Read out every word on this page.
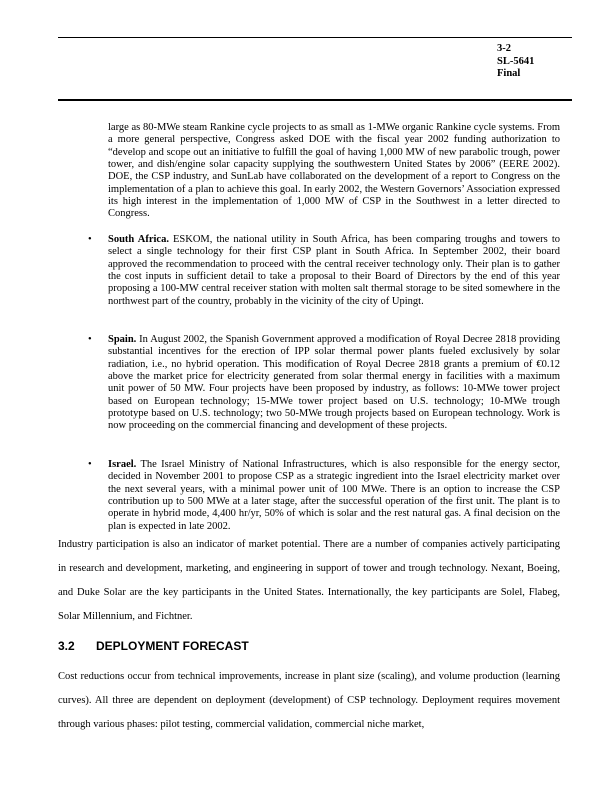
3-2
SL-5641
Final
large as 80-MWe steam Rankine cycle projects to as small as 1-MWe organic Rankine cycle systems. From a more general perspective, Congress asked DOE with the fiscal year 2002 funding authorization to “develop and scope out an initiative to fulfill the goal of having 1,000 MW of new parabolic trough, power tower, and dish/engine solar capacity supplying the southwestern United States by 2006” (EERE 2002). DOE, the CSP industry, and SunLab have collaborated on the development of a report to Congress on the implementation of a plan to achieve this goal. In early 2002, the Western Governors’ Association expressed its high interest in the implementation of 1,000 MW of CSP in the Southwest in a letter directed to Congress.
• South Africa. ESKOM, the national utility in South Africa, has been comparing troughs and towers to select a single technology for their first CSP plant in South Africa. In September 2002, their board approved the recommendation to proceed with the central receiver technology only. Their plan is to gather the cost inputs in sufficient detail to take a proposal to their Board of Directors by the end of this year proposing a 100-MW central receiver station with molten salt thermal storage to be sited somewhere in the northwest part of the country, probably in the vicinity of the city of Upingt.
• Spain. In August 2002, the Spanish Government approved a modification of Royal Decree 2818 providing substantial incentives for the erection of IPP solar thermal power plants fueled exclusively by solar radiation, i.e., no hybrid operation. This modification of Royal Decree 2818 grants a premium of €0.12 above the market price for electricity generated from solar thermal energy in facilities with a maximum unit power of 50 MW. Four projects have been proposed by industry, as follows: 10-MWe tower project based on European technology; 15-MWe tower project based on U.S. technology; 10-MWe trough prototype based on U.S. technology; two 50-MWe trough projects based on European technology. Work is now proceeding on the commercial financing and development of these projects.
• Israel. The Israel Ministry of National Infrastructures, which is also responsible for the energy sector, decided in November 2001 to propose CSP as a strategic ingredient into the Israel electricity market over the next several years, with a minimal power unit of 100 MWe. There is an option to increase the CSP contribution up to 500 MWe at a later stage, after the successful operation of the first unit. The plant is to operate in hybrid mode, 4,400 hr/yr, 50% of which is solar and the rest natural gas. A final decision on the plan is expected in late 2002.
Industry participation is also an indicator of market potential. There are a number of companies actively participating in research and development, marketing, and engineering in support of tower and trough technology. Nexant, Boeing, and Duke Solar are the key participants in the United States. Internationally, the key participants are Solel, Flabeg, Solar Millennium, and Fichtner.
3.2 DEPLOYMENT FORECAST
Cost reductions occur from technical improvements, increase in plant size (scaling), and volume production (learning curves). All three are dependent on deployment (development) of CSP technology. Deployment requires movement through various phases: pilot testing, commercial validation, commercial niche market,
